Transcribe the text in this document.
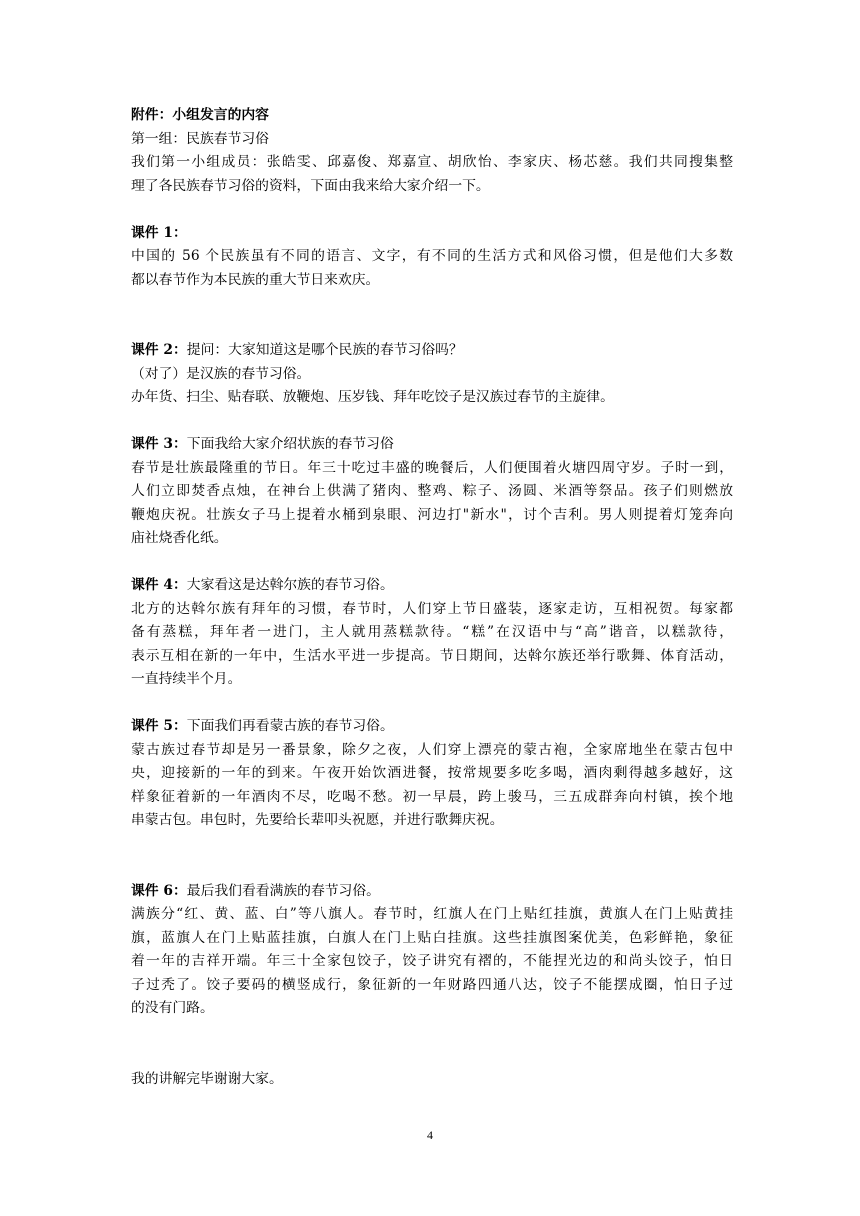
附件：小组发言的内容
第一组：民族春节习俗
我们第一小组成员：张皓雯、邱嘉俊、郑嘉宣、胡欣怡、李家庆、杨芯慈。我们共同搜集整
理了各民族春节习俗的资料，下面由我来给大家介绍一下。
课件 1：
中国的 56 个民族虽有不同的语言、文字，有不同的生活方式和风俗习惯，但是他们大多数
都以春节作为本民族的重大节日来欢庆。
课件 2：提问：大家知道这是哪个民族的春节习俗吗？
（对了）是汉族的春节习俗。
办年货、扫尘、贴春联、放鞭炮、压岁钱、拜年吃饺子是汉族过春节的主旋律。
课件 3：下面我给大家介绍状族的春节习俗
春节是壮族最隆重的节日。年三十吃过丰盛的晚餐后，人们便围着火塘四周守岁。子时一到，
人们立即焚香点烛，在神台上供满了猪肉、整鸡、粽子、汤圆、米酒等祭品。孩子们则燃放
鞭炮庆祝。壮族女子马上提着水桶到泉眼、河边打"新水"，讨个吉利。男人则提着灯笼奔向
庙社烧香化纸。
课件 4：大家看这是达斡尔族的春节习俗。
北方的达斡尔族有拜年的习惯，春节时，人们穿上节日盛装，逐家走访，互相祝贺。每家都
备有蒸糕，拜年者一进门，主人就用蒸糕款待。“糕”在汉语中与“高”谐音，以糕款待，
表示互相在新的一年中，生活水平进一步提高。节日期间，达斡尔族还举行歌舞、体育活动，
一直持续半个月。
课件 5：下面我们再看蒙古族的春节习俗。
蒙古族过春节却是另一番景象，除夕之夜，人们穿上漂亮的蒙古袍，全家席地坐在蒙古包中
央，迎接新的一年的到来。午夜开始饮酒进餐，按常规要多吃多喝，酒肉剩得越多越好，这
样象征着新的一年酒肉不尽，吃喝不愁。初一早晨，跨上骏马，三五成群奔向村镇，挨个地
串蒙古包。串包时，先要给长辈叩头祝愿，并进行歌舞庆祝。
课件 6：最后我们看看满族的春节习俗。
满族分“红、黄、蓝、白”等八旗人。春节时，红旗人在门上贴红挂旗，黄旗人在门上贴黄挂
旗，蓝旗人在门上贴蓝挂旗，白旗人在门上贴白挂旗。这些挂旗图案优美，色彩鲜艳，象征
着一年的吉祥开端。年三十全家包饺子，饺子讲究有褶的，不能捏光边的和尚头饺子，怕日
子过秃了。饺子要码的横竖成行，象征新的一年财路四通八达，饺子不能摆成圈，怕日子过
的没有门路。
我的讲解完毕谢谢大家。
4
